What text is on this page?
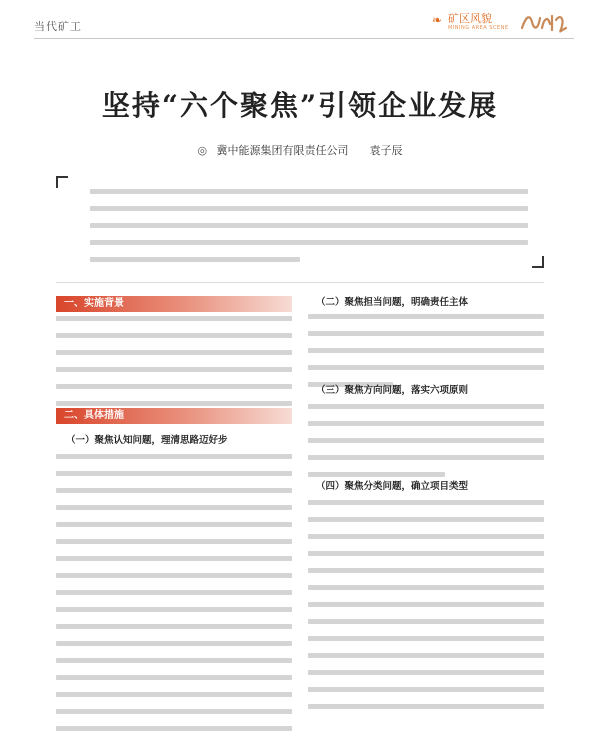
当代矿工	❧ 矿区风貌
MINING AREA SCENE
坚持“六个聚焦”引领企业发展
◎ 冀中能源集团有限责任公司 袁子辰
一、实施背景
二、具体措施
（一）聚焦认知问题，理清思路迈好步
（二）聚焦担当问题，明确责任主体
（三）聚焦方向问题，落实六项原则
（四）聚焦分类问题，确立项目类型
